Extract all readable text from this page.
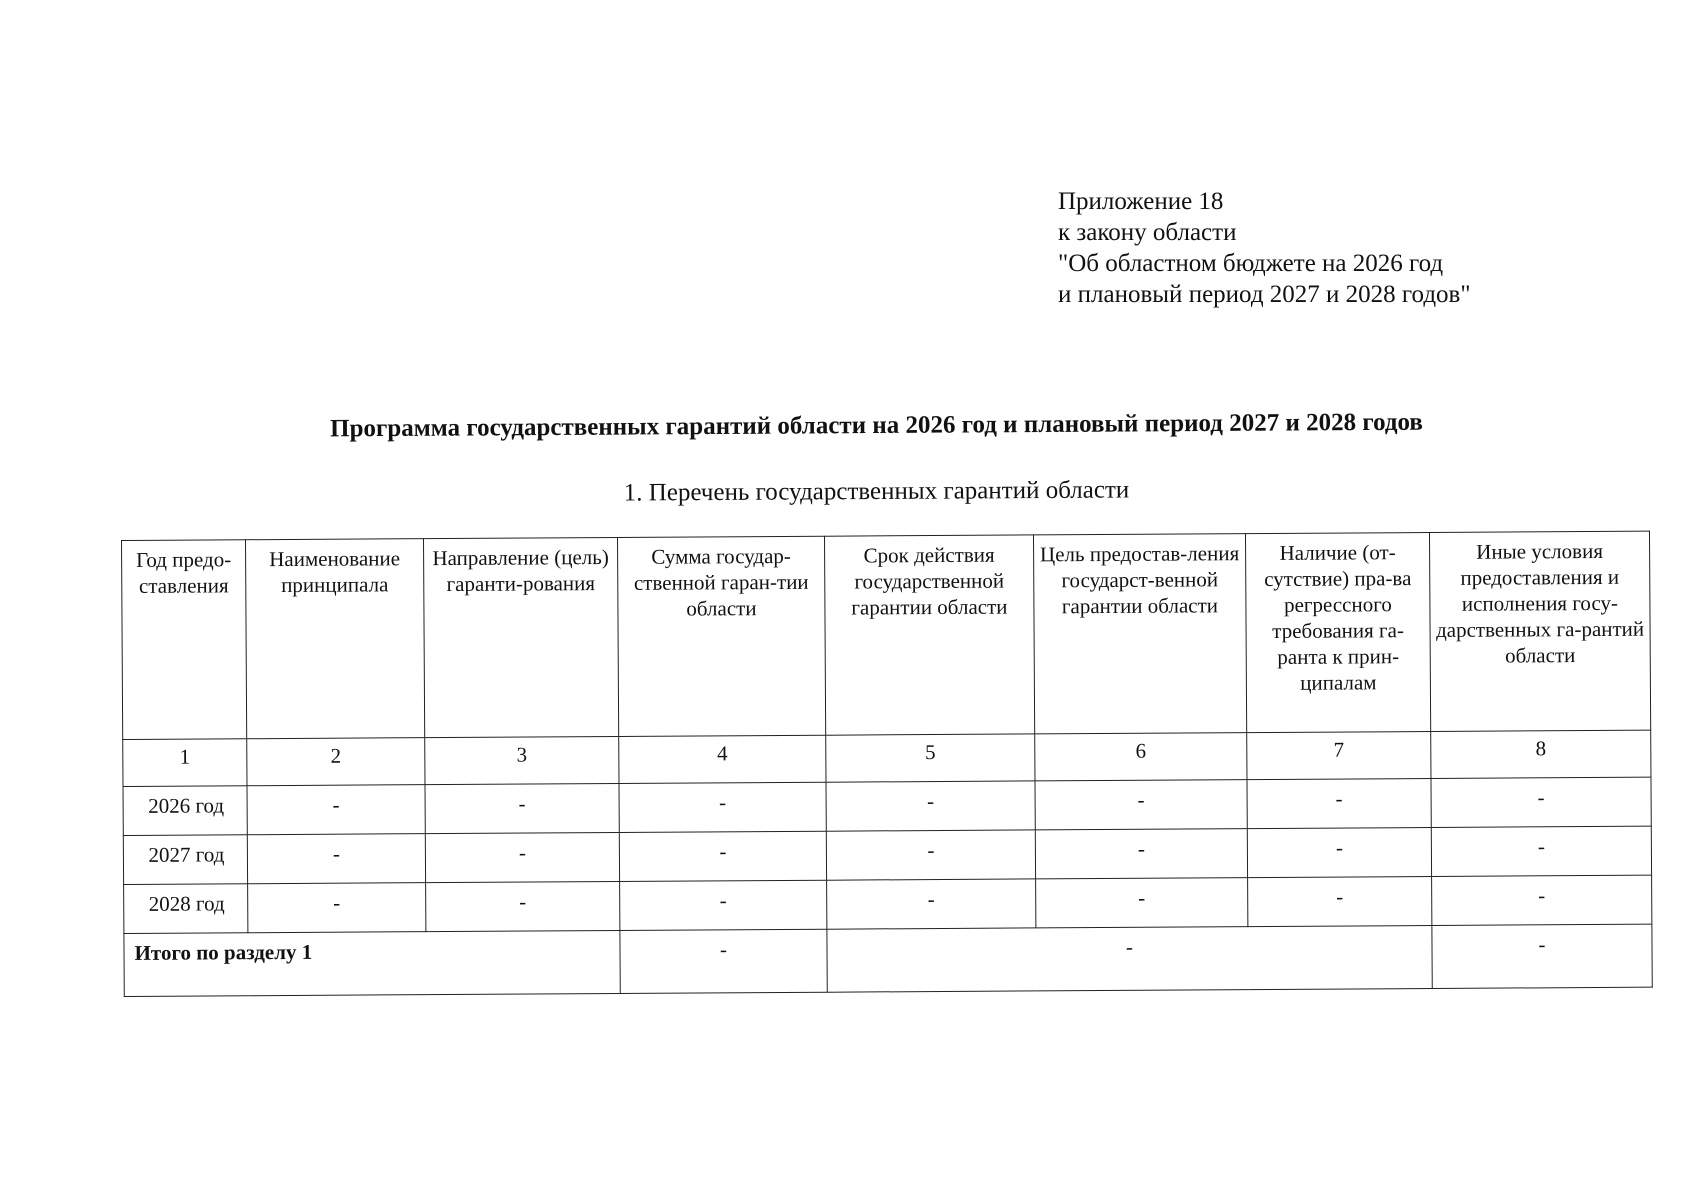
Приложение 18
к закону области
"Об областном бюджете на 2026 год
и плановый период 2027 и 2028 годов"
Программа государственных гарантий области на 2026 год и плановый период 2027 и 2028 годов
1. Перечень государственных гарантий области
Год предо-ставления	Наименование принципала	Направление (цель) гаранти-рования	Сумма государ-ственной гаран-тии области	Срок действия государственной гарантии области	Цель предостав-ления государст-венной гарантии области	Наличие (от-сутствие) пра-ва регрессного требования га-ранта к прин-ципалам	Иные условия предоставления и исполнения госу-дарственных га-рантий области
1	2	3	4	5	6	7	8
2026 год	-	-	-	-	-	-	-
2027 год	-	-	-	-	-	-	-
2028 год	-	-	-	-	-	-	-
Итого по разделу 1			-	-			-
